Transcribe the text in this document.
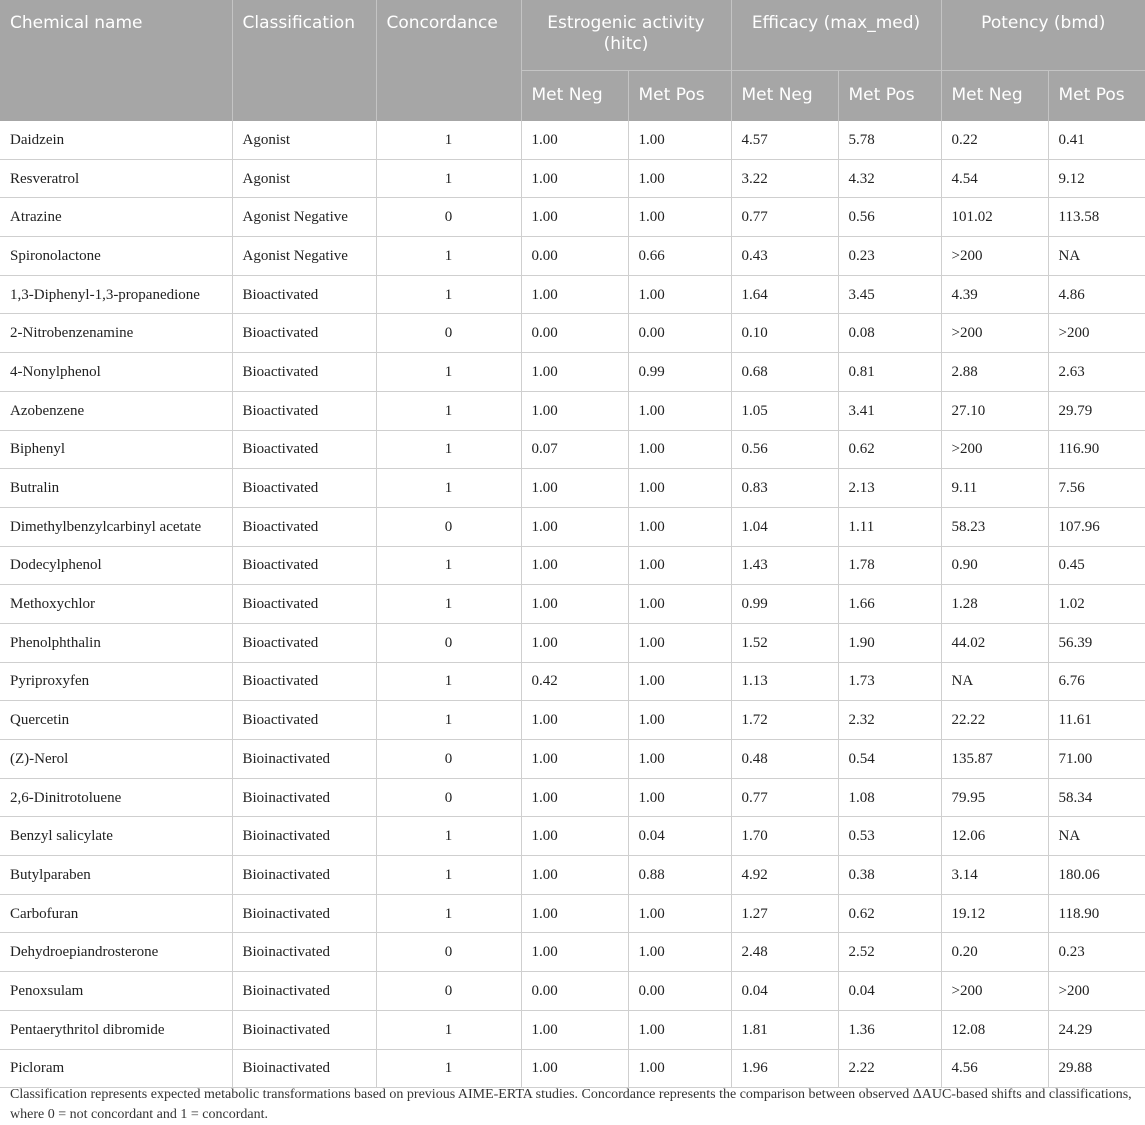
Chemical name	Classification	Concordance	Estrogenic activity (hitc)		Efficacy (max_med)		Potency (bmd)	
			Met Neg	Met Pos	Met Neg	Met Pos	Met Neg	Met Pos
Daidzein	Agonist	1	1.00	1.00	4.57	5.78	0.22	0.41
Resveratrol	Agonist	1	1.00	1.00	3.22	4.32	4.54	9.12
Atrazine	Agonist Negative	0	1.00	1.00	0.77	0.56	101.02	113.58
Spironolactone	Agonist Negative	1	0.00	0.66	0.43	0.23	>200	NA
1,3-Diphenyl-1,3-propanedione	Bioactivated	1	1.00	1.00	1.64	3.45	4.39	4.86
2-Nitrobenzenamine	Bioactivated	0	0.00	0.00	0.10	0.08	>200	>200
4-Nonylphenol	Bioactivated	1	1.00	0.99	0.68	0.81	2.88	2.63
Azobenzene	Bioactivated	1	1.00	1.00	1.05	3.41	27.10	29.79
Biphenyl	Bioactivated	1	0.07	1.00	0.56	0.62	>200	116.90
Butralin	Bioactivated	1	1.00	1.00	0.83	2.13	9.11	7.56
Dimethylbenzylcarbinyl acetate	Bioactivated	0	1.00	1.00	1.04	1.11	58.23	107.96
Dodecylphenol	Bioactivated	1	1.00	1.00	1.43	1.78	0.90	0.45
Methoxychlor	Bioactivated	1	1.00	1.00	0.99	1.66	1.28	1.02
Phenolphthalin	Bioactivated	0	1.00	1.00	1.52	1.90	44.02	56.39
Pyriproxyfen	Bioactivated	1	0.42	1.00	1.13	1.73	NA	6.76
Quercetin	Bioactivated	1	1.00	1.00	1.72	2.32	22.22	11.61
(Z)-Nerol	Bioinactivated	0	1.00	1.00	0.48	0.54	135.87	71.00
2,6-Dinitrotoluene	Bioinactivated	0	1.00	1.00	0.77	1.08	79.95	58.34
Benzyl salicylate	Bioinactivated	1	1.00	0.04	1.70	0.53	12.06	NA
Butylparaben	Bioinactivated	1	1.00	0.88	4.92	0.38	3.14	180.06
Carbofuran	Bioinactivated	1	1.00	1.00	1.27	0.62	19.12	118.90
Dehydroepiandrosterone	Bioinactivated	0	1.00	1.00	2.48	2.52	0.20	0.23
Penoxsulam	Bioinactivated	0	0.00	0.00	0.04	0.04	>200	>200
Pentaerythritol dibromide	Bioinactivated	1	1.00	1.00	1.81	1.36	12.08	24.29
Picloram	Bioinactivated	1	1.00	1.00	1.96	2.22	4.56	29.88
Classification represents expected metabolic transformations based on previous AIME-ERTA studies. Concordance represents the comparison between observed ΔAUC-based shifts and classifications, where 0 = not concordant and 1 = concordant.
